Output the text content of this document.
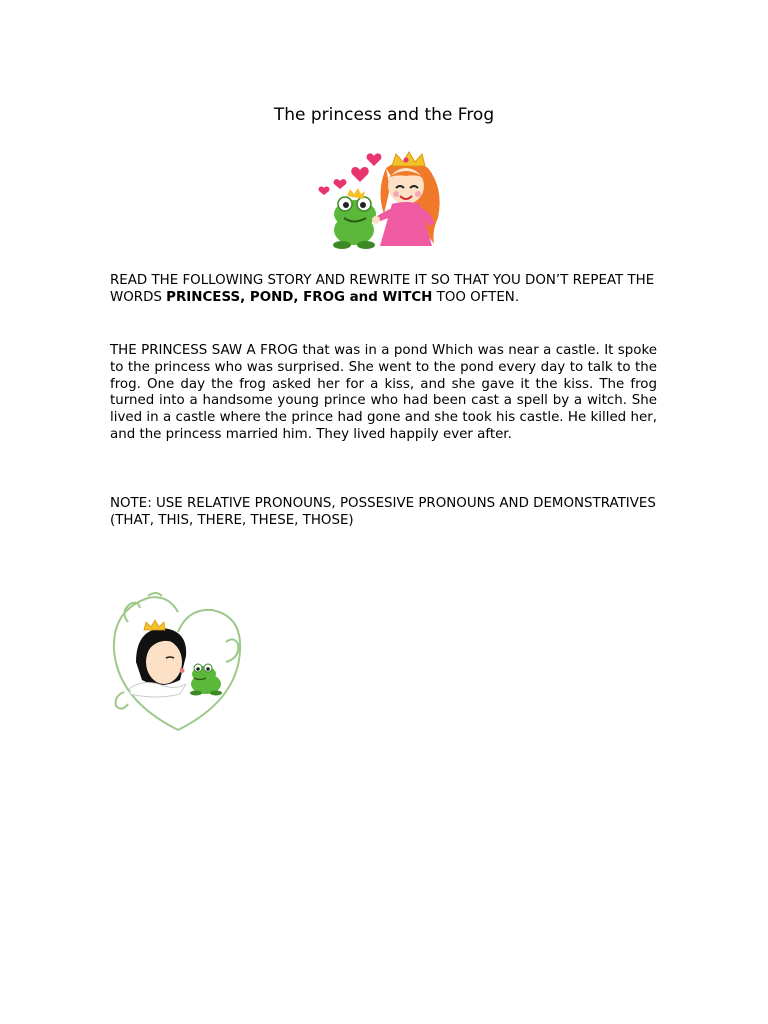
The princess and the Frog
READ THE FOLLOWING STORY AND REWRITE IT SO THAT YOU DON’T REPEAT THE WORDS PRINCESS, POND, FROG and WITCH TOO OFTEN.
THE PRINCESS SAW A FROG that was in a pond Which was near a castle. It spoke to the princess who was surprised. She went to the pond every day to talk to the frog. One day the frog asked her for a kiss, and she gave it the kiss. The frog turned into a handsome young prince who had been cast a spell by a witch. She lived in a castle where the prince had gone and she took his castle. He killed her, and the princess married him. They lived happily ever after.
NOTE: USE RELATIVE PRONOUNS, POSSESIVE PRONOUNS AND DEMONSTRATIVES (THAT, THIS, THERE, THESE, THOSE)
